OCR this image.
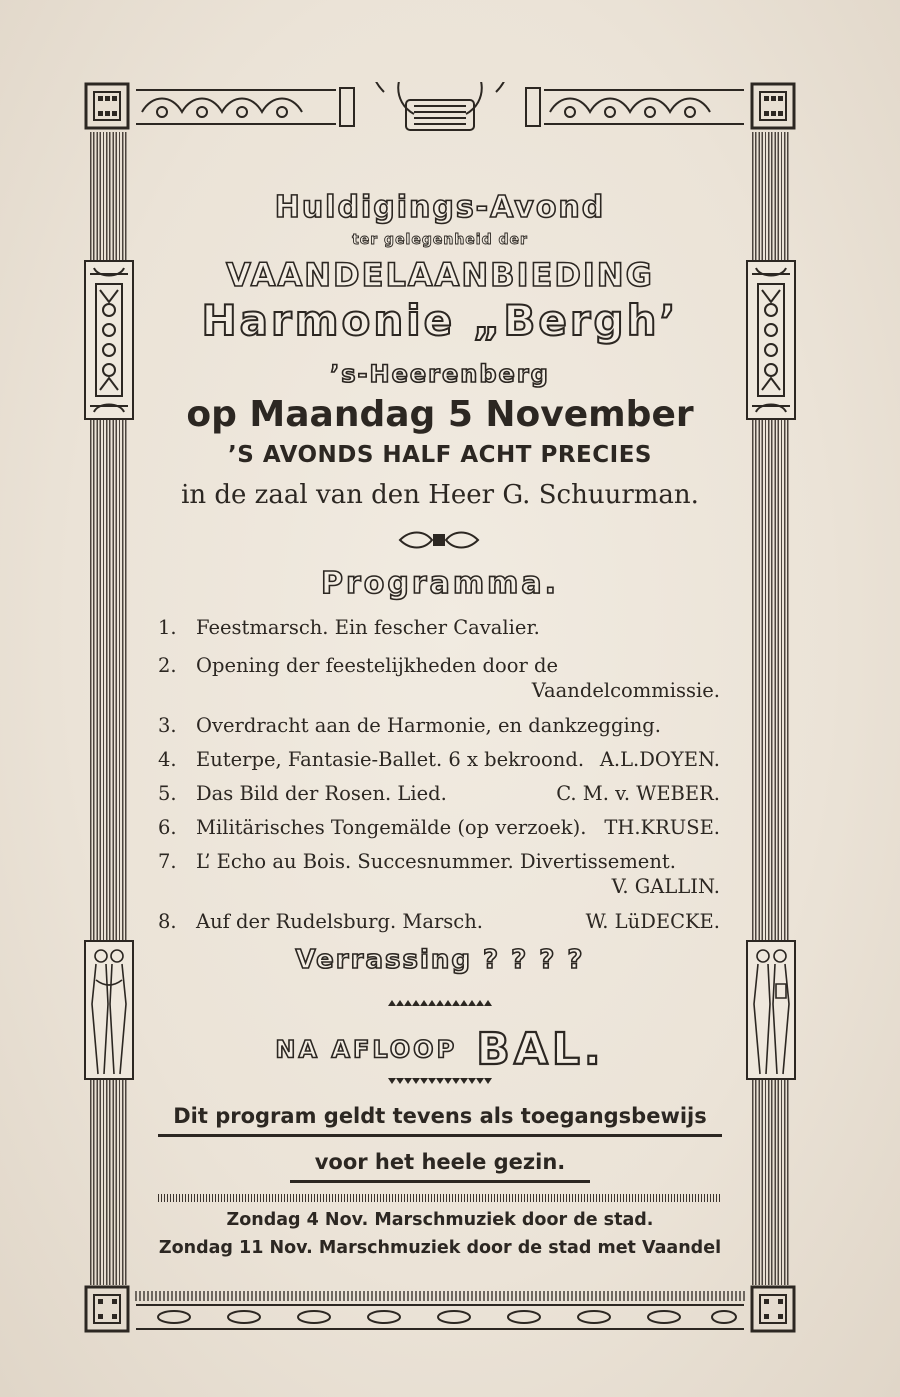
Huldigings-Avond
ter gelegenheid der
VAANDELAANBIEDING
Harmonie „Bergh’
’s-Heerenberg
op Maandag 5 November
’S AVONDS HALF ACHT PRECIES
in de zaal van den Heer G. Schuurman.
Programma.
1. Feestmarsch. Ein fescher Cavalier.
2. Opening der feestelijkheden door de
Vaandelcommissie.
3. Overdracht aan de Harmonie, en dankzegging.
4. Euterpe, Fantasie-Ballet. 6 x bekroond. A.L.DOYEN.
5. Das Bild der Rosen. Lied.	C. M. v. WEBER.
6. Militärisches Tongemälde (op verzoek). TH.KRUSE.
7. L’ Echo au Bois. Succesnummer. Divertissement.
V. GALLIN.
8. Auf der Rudelsburg. Marsch.	W. LüDECKE.
Verrassing ? ? ? ?
NA AFLOOP BAL.
Dit program geldt tevens als toegangsbewijs
voor het heele gezin.
Zondag 4 Nov. Marschmuziek door de stad.
Zondag 11 Nov. Marschmuziek door de stad met Vaandel
